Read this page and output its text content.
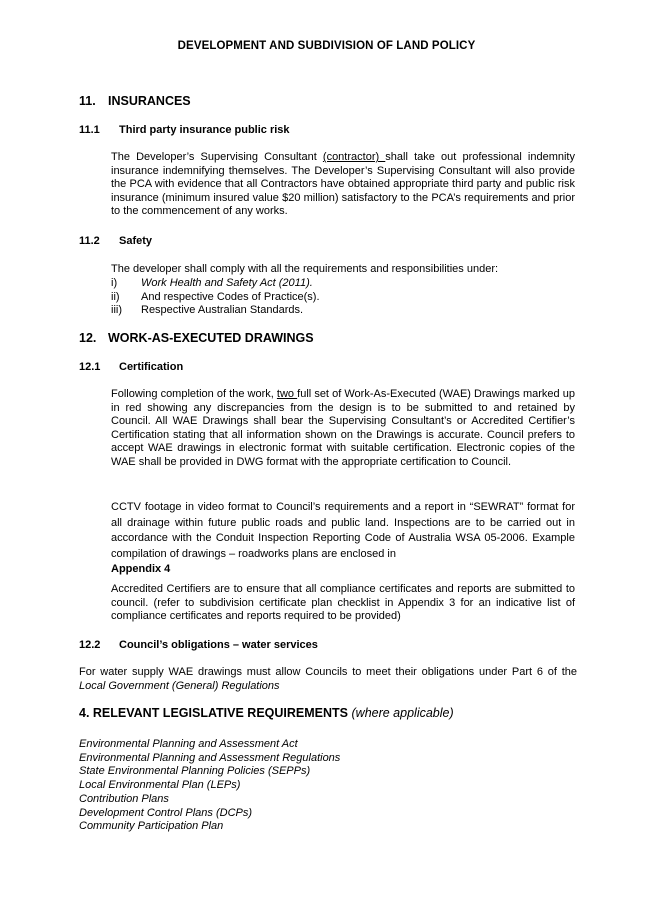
DEVELOPMENT AND SUBDIVISION OF LAND POLICY
11. INSURANCES
11.1 Third party insurance public risk
The Developer’s Supervising Consultant (contractor) shall take out professional indemnity insurance indemnifying themselves. The Developer’s Supervising Consultant will also provide the PCA with evidence that all Contractors have obtained appropriate third party and public risk insurance (minimum insured value $20 million) satisfactory to the PCA’s requirements and prior to the commencement of any works.
11.2 Safety
The developer shall comply with all the requirements and responsibilities under:
i) Work Health and Safety Act (2011).
ii) And respective Codes of Practice(s).
iii) Respective Australian Standards.
12. WORK-AS-EXECUTED DRAWINGS
12.1 Certification
Following completion of the work, two full set of Work-As-Executed (WAE) Drawings marked up in red showing any discrepancies from the design is to be submitted to and retained by Council. All WAE Drawings shall bear the Supervising Consultant’s or Accredited Certifier’s Certification stating that all information shown on the Drawings is accurate. Council prefers to accept WAE drawings in electronic format with suitable certification. Electronic copies of the WAE shall be provided in DWG format with the appropriate certification to Council.
CCTV footage in video format to Council’s requirements and a report in “SEWRAT” format for all drainage within future public roads and public land. Inspections are to be carried out in accordance with the Conduit Inspection Reporting Code of Australia WSA 05-2006. Example compilation of drawings – roadworks plans are enclosed in
Appendix 4
Accredited Certifiers are to ensure that all compliance certificates and reports are submitted to council. (refer to subdivision certificate plan checklist in Appendix 3 for an indicative list of compliance certificates and reports required to be provided)
12.2 Council’s obligations – water services
For water supply WAE drawings must allow Councils to meet their obligations under Part 6 of the Local Government (General) Regulations
4. RELEVANT LEGISLATIVE REQUIREMENTS (where applicable)
Environmental Planning and Assessment Act
Environmental Planning and Assessment Regulations
State Environmental Planning Policies (SEPPs)
Local Environmental Plan (LEPs)
Contribution Plans
Development Control Plans (DCPs)
Community Participation Plan
